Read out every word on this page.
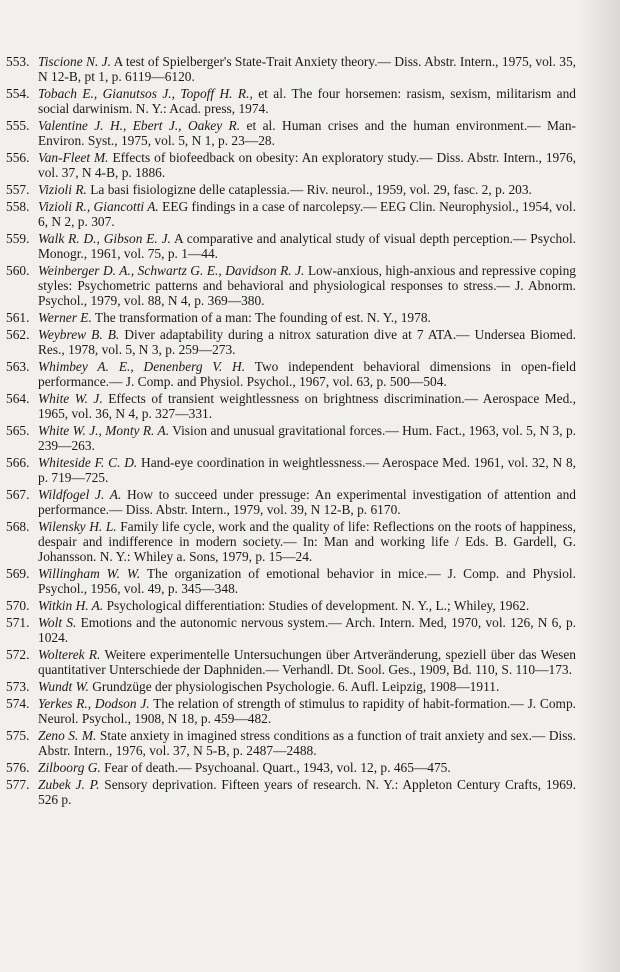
553. Tiscione N. J. A test of Spielberger's State-Trait Anxiety theory.— Diss. Abstr. Intern., 1975, vol. 35, N 12-B, pt 1, p. 6119—6120.
554. Tobach E., Gianutsos J., Topoff H. R., et al. The four horsemen: rasism, sexism, militarism and social darwinism. N. Y.: Acad. press, 1974.
555. Valentine J. H., Ebert J., Oakey R. et al. Human crises and the human environment.— Man-Environ. Syst., 1975, vol. 5, N 1, p. 23—28.
556. Van-Fleet M. Effects of biofeedback on obesity: An exploratory study.— Diss. Abstr. Intern., 1976, vol. 37, N 4-B, p. 1886.
557. Vizioli R. La basi fisiologizne delle cataplessia.— Riv. neurol., 1959, vol. 29, fasc. 2, p. 203.
558. Vizioli R., Giancotti A. EEG findings in a case of narcolepsy.— EEG Clin. Neurophysiol., 1954, vol. 6, N 2, p. 307.
559. Walk R. D., Gibson E. J. A comparative and analytical study of visual depth perception.— Psychol. Monogr., 1961, vol. 75, p. 1—44.
560. Weinberger D. A., Schwartz G. E., Davidson R. J. Low-anxious, high-anxious and repressive coping styles: Psychometric patterns and behavioral and physiological responses to stress.— J. Abnorm. Psychol., 1979, vol. 88, N 4, p. 369—380.
561. Werner E. The transformation of a man: The founding of est. N. Y., 1978.
562. Weybrew B. B. Diver adaptability during a nitrox saturation dive at 7 ATA.— Undersea Biomed. Res., 1978, vol. 5, N 3, p. 259—273.
563. Whimbey A. E., Denenberg V. H. Two independent behavioral dimensions in open-field performance.— J. Comp. and Physiol. Psychol., 1967, vol. 63, p. 500—504.
564. White W. J. Effects of transient weightlessness on brightness discrimination.— Aerospace Med., 1965, vol. 36, N 4, p. 327—331.
565. White W. J., Monty R. A. Vision and unusual gravitational forces.— Hum. Fact., 1963, vol. 5, N 3, p. 239—263.
566. Whiteside F. C. D. Hand-eye coordination in weightlessness.— Aerospace Med. 1961, vol. 32, N 8, p. 719—725.
567. Wildfogel J. A. How to succeed under pressuge: An experimental investigation of attention and performance.— Diss. Abstr. Intern., 1979, vol. 39, N 12-B, p. 6170.
568. Wilensky H. L. Family life cycle, work and the quality of life: Reflections on the roots of happiness, despair and indifference in modern society.— In: Man and working life / Eds. B. Gardell, G. Johansson. N. Y.: Whiley a. Sons, 1979, p. 15—24.
569. Willingham W. W. The organization of emotional behavior in mice.— J. Comp. and Physiol. Psychol., 1956, vol. 49, p. 345—348.
570. Witkin H. A. Psychological differentiation: Studies of development. N. Y., L.; Whiley, 1962.
571. Wolt S. Emotions and the autonomic nervous system.— Arch. Intern. Med, 1970, vol. 126, N 6, p. 1024.
572. Wolterek R. Weitere experimentelle Untersuchungen über Artveränderung, speziell über das Wesen quantitativer Unterschiede der Daphniden.— Verhandl. Dt. Sool. Ges., 1909, Bd. 110, S. 110—173.
573. Wundt W. Grundzüge der physiologischen Psychologie. 6. Aufl. Leipzig, 1908—1911.
574. Yerkes R., Dodson J. The relation of strength of stimulus to rapidity of habit-formation.— J. Comp. Neurol. Psychol., 1908, N 18, p. 459—482.
575. Zeno S. M. State anxiety in imagined stress conditions as a function of trait anxiety and sex.— Diss. Abstr. Intern., 1976, vol. 37, N 5-B, p. 2487—2488.
576. Zilboorg G. Fear of death.— Psychoanal. Quart., 1943, vol. 12, p. 465—475.
577. Zubek J. P. Sensory deprivation. Fifteen years of research. N. Y.: Appleton Century Crafts, 1969. 526 p.
